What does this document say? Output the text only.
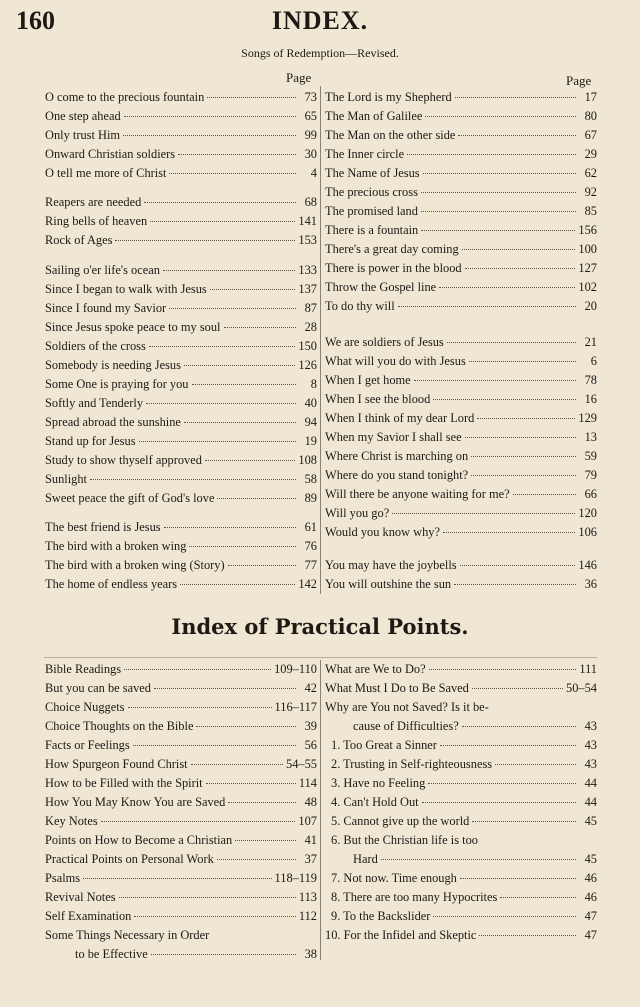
160	INDEX.
Songs of Redemption—Revised.
Page	Page
O come to the precious fountain	73
One step ahead	65
Only trust Him	99
Onward Christian soldiers	30
O tell me more of Christ	4
Reapers are needed	68
Ring bells of heaven	141
Rock of Ages	153
Sailing o'er life's ocean	133
Since I began to walk with Jesus	137
Since I found my Savior	87
Since Jesus spoke peace to my soul	28
Soldiers of the cross	150
Somebody is needing Jesus	126
Some One is praying for you	8
Softly and Tenderly	40
Spread abroad the sunshine	94
Stand up for Jesus	19
Study to show thyself approved	108
Sunlight	58
Sweet peace the gift of God's love	89
The best friend is Jesus	61
The bird with a broken wing	76
The bird with a broken wing (Story)	77
The home of endless years	142
The Lord is my Shepherd	17
The Man of Galilee	80
The Man on the other side	67
The Inner circle	29
The Name of Jesus	62
The precious cross	92
The promised land	85
There is a fountain	156
There's a great day coming	100
There is power in the blood	127
Throw the Gospel line	102
To do thy will	20
We are soldiers of Jesus	21
What will you do with Jesus	6
When I get home	78
When I see the blood	16
When I think of my dear Lord	129
When my Savior I shall see	13
Where Christ is marching on	59
Where do you stand tonight?	79
Will there be anyone waiting for me?	66
Will you go?	120
Would you know why?	106
You may have the joybells	146
You will outshine the sun	36
Index of Practical Points.
Bible Readings	109–110
But you can be saved	42
Choice Nuggets	116–117
Choice Thoughts on the Bible	39
Facts or Feelings	56
How Spurgeon Found Christ	54–55
How to be Filled with the Spirit	114
How You May Know You are Saved	48
Key Notes	107
Points on How to Become a Christian	41
Practical Points on Personal Work	37
Psalms	118–119
Revival Notes	113
Self Examination	112
Some Things Necessary in Order
to be Effective	38
What are We to Do?	111
What Must I Do to Be Saved	50–54
Why are You not Saved? Is it be-
cause of Difficulties?	43
1. Too Great a Sinner	43
2. Trusting in Self-righteousness	43
3. Have no Feeling	44
4. Can't Hold Out	44
5. Cannot give up the world	45
6. But the Christian life is too
Hard	45
7. Not now. Time enough	46
8. There are too many Hypocrites	46
9. To the Backslider	47
10. For the Infidel and Skeptic	47
